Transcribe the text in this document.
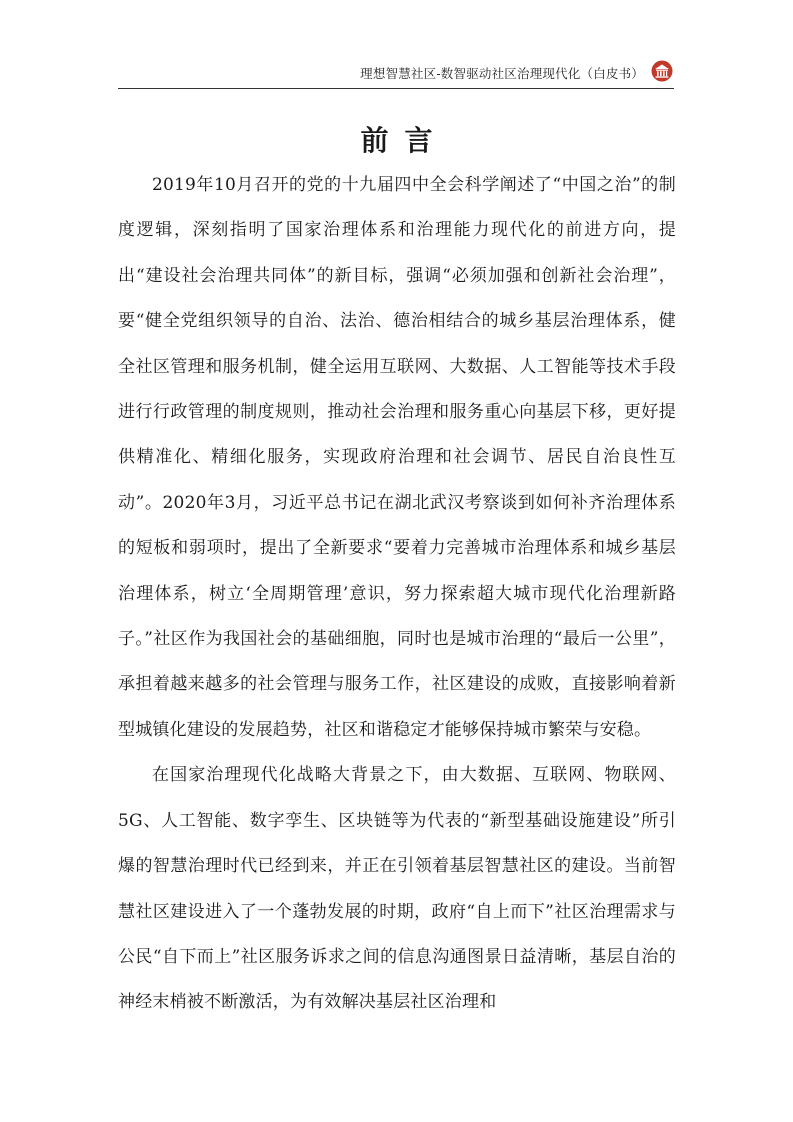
理想智慧社区-数智驱动社区治理现代化（白皮书）
前言

2019年10月召开的党的十九届四中全会科学阐述了“中国之治”的制度逻辑，深刻指明了国家治理体系和治理能力现代化的前进方向，提出“建设社会治理共同体”的新目标，强调“必须加强和创新社会治理”，要“健全党组织领导的自治、法治、德治相结合的城乡基层治理体系，健全社区管理和服务机制，健全运用互联网、大数据、人工智能等技术手段进行行政管理的制度规则，推动社会治理和服务重心向基层下移，更好提供精准化、精细化服务，实现政府治理和社会调节、居民自治良性互动”。2020年3月，习近平总书记在湖北武汉考察谈到如何补齐治理体系的短板和弱项时，提出了全新要求“要着力完善城市治理体系和城乡基层治理体系，树立‘全周期管理’意识，努力探索超大城市现代化治理新路子。”社区作为我国社会的基础细胞，同时也是城市治理的“最后一公里”，承担着越来越多的社会管理与服务工作，社区建设的成败，直接影响着新型城镇化建设的发展趋势，社区和谐稳定才能够保持城市繁荣与安稳。

在国家治理现代化战略大背景之下，由大数据、互联网、物联网、5G、人工智能、数字孪生、区块链等为代表的“新型基础设施建设”所引爆的智慧治理时代已经到来，并正在引领着基层智慧社区的建设。当前智慧社区建设进入了一个蓬勃发展的时期，政府“自上而下”社区治理需求与公民“自下而上”社区服务诉求之间的信息沟通图景日益清晰，基层自治的神经末梢被不断激活，为有效解决基层社区治理和
